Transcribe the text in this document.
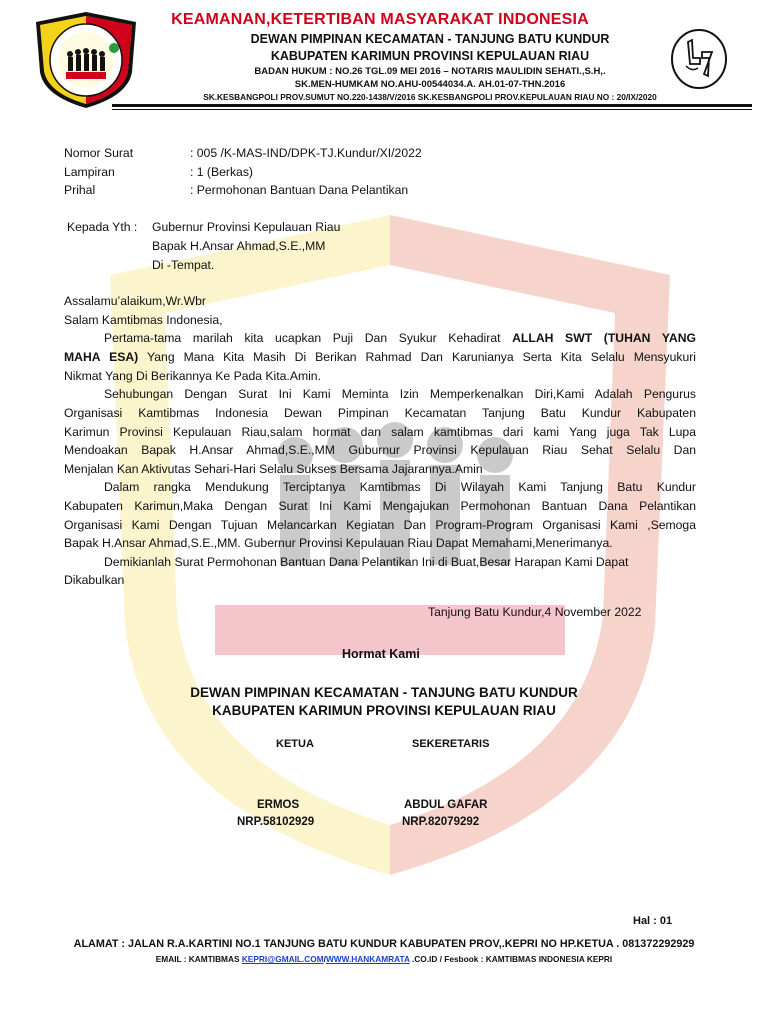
KEAMANAN,KETERTIBAN MASYARAKAT INDONESIA
DEWAN PIMPINAN KECAMATAN - TANJUNG BATU KUNDUR
KABUPATEN KARIMUN PROVINSI KEPULAUAN RIAU
BADAN HUKUM : NO.26 TGL.09 MEI 2016 – NOTARIS MAULIDIN SEHATI.,S.H,.
SK.MEN-HUMKAM NO.AHU-00544034.A. AH.01-07-THN.2016
SK.KESBANGPOLI PROV.SUMUT NO.220-1438/V/2016 SK.KESBANGPOLI PROV.KEPULAUAN RIAU NO : 20/IX/2020
Nomor Surat	: 005 /K-MAS-IND/DPK-TJ.Kundur/XI/2022
Lampiran	: 1 (Berkas)
Prihal	: Permohonan Bantuan Dana Pelantikan
Kepada Yth : Gubernur Provinsi Kepulauan Riau
Bapak H.Ansar Ahmad,S.E.,MM
Di -Tempat.
Assalamu’alaikum,Wr.Wbr
Salam Kamtibmas Indonesia,
Pertama-tama marilah kita ucapkan Puji Dan Syukur Kehadirat ALLAH SWT (TUHAN YANG
MAHA ESA) Yang Mana Kita Masih Di Berikan Rahmad Dan Karunianya Serta Kita Selalu Mensyukuri
Nikmat Yang Di Berikannya Ke Pada Kita.Amin.
Sehubungan Dengan Surat Ini Kami Meminta Izin Memperkenalkan Diri,Kami Adalah Pengurus
Organisasi Kamtibmas Indonesia Dewan Pimpinan Kecamatan Tanjung Batu Kundur Kabupaten
Karimun Provinsi Kepulauan Riau,salam hormat dan salam kamtibmas dari kami Yang juga Tak Lupa
Mendoakan Bapak H.Ansar Ahmad,S.E.,MM Guburnur Provinsi Kepulauan Riau Sehat Selalu Dan
Menjalan Kan Aktivutas Sehari-Hari Selalu Sukses Bersama Jajarannya.Amin
Dalam rangka Mendukung Terciptanya Kamtibmas Di Wilayah Kami Tanjung Batu Kundur
Kabupaten Karimun,Maka Dengan Surat Ini Kami Mengajukan Permohonan Bantuan Dana Pelantikan
Organisasi Kami Dengan Tujuan Melancarkan Kegiatan Dan Program-Program Organisasi Kami ,Semoga
Bapak H.Ansar Ahmad,S.E.,MM. Gubernur Provinsi Kepulauan Riau Dapat Memahami,Menerimanya.
Demikianlah Surat Permohonan Bantuan Dana Pelantikan Ini di Buat,Besar Harapan Kami Dapat
Dikabulkan
Tanjung Batu Kundur,4 November 2022
Hormat Kami
DEWAN PIMPINAN KECAMATAN - TANJUNG BATU KUNDUR
KABUPATEN KARIMUN PROVINSI KEPULAUAN RIAU
KETUA	SEKERETARIS
ERMOS
NRP.58102929
ABDUL GAFAR
NRP.82079292
Hal : 01
ALAMAT : JALAN R.A.KARTINI NO.1 TANJUNG BATU KUNDUR KABUPATEN PROV,.KEPRI NO HP.KETUA . 081372292929
EMAIL : KAMTIBMAS KEPRI@GMAIL.COM/WWW.HANKAMRATA .CO.ID / Fesbook : KAMTIBMAS INDONESIA KEPRI
